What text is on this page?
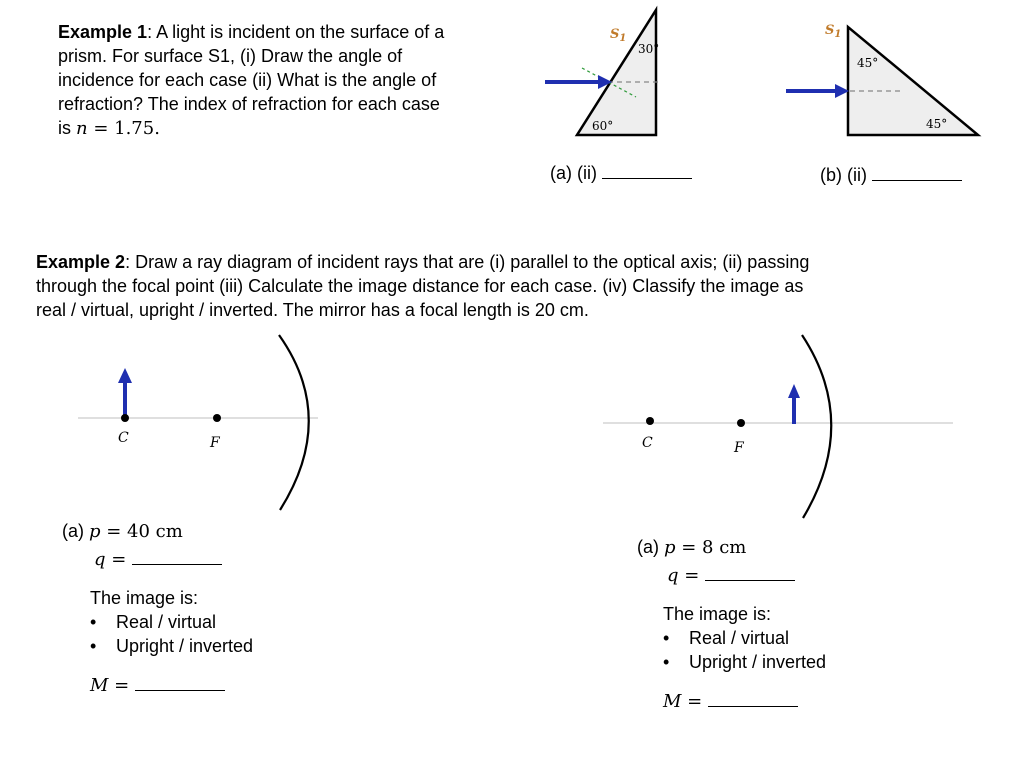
Example 1: A light is incident on the surface of a
prism. For surface S1, (i) Draw the angle of
incidence for each case (ii) What is the angle of
refraction? The index of refraction for each case
is n = 1.75.
$S_1$
30°
60°
$S_1$
45°
45°
(a) (ii)	(b) (ii)
Example 2: Draw a ray diagram of incident rays that are (i) parallel to the optical axis; (ii) passing
through the focal point (iii) Calculate the image distance for each case. (iv) Classify the image as
real / virtual, upright / inverted. The mirror has a focal length is 20 cm.
C	F	C	F
(a) p = 40 cm
q =
The image is:
• Real / virtual
• Upright / inverted
M =
(a) p = 8 cm
q =
The image is:
• Real / virtual
• Upright / inverted
M =
